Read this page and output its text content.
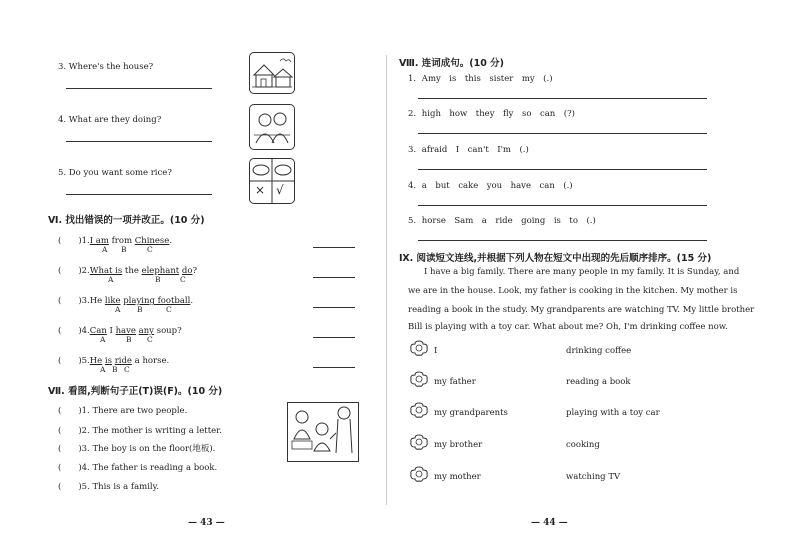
3. Where's the house?
4. What are they doing?
5. Do you want some rice?
× √
Ⅵ. 找出错误的一项并改正。(10 分)
(　　)1.I am from Chinese.
A B	C
(　　)2.What is the elephant do?
A	B	C
(　　)3.He like playing football.
A B	C
(　　)4.Can I have any soup?
A	B C
(　　)5.He is ride a horse.
A B C
Ⅶ. 看图,判断句子正(T)误(F)。(10 分)
(　　)1. There are two people.
(　　)2. The mother is writing a letter.
(　　)3. The boy is on the floor(地板).
(　　)4. The father is reading a book.
(　　)5. This is a family.
— 43 —
Ⅷ. 连词成句。(10 分)
1. Amy　is　this　sister　my　(.)
2. high　how　they　fly　so　can　(?)
3. afraid　I　can't　I'm　(.)
4. a　but　cake　you　have　can　(.)
5. horse　Sam　a　ride　going　is　to　(.)
Ⅸ. 阅读短文连线,并根据下列人物在短文中出现的先后顺序排序。(15 分)
I have a big family. There are many people in my family. It is Sunday, and
we are in the house. Look, my father is cooking in the kitchen. My mother is
reading a book in the study. My grandparents are watching TV. My little brother
Bill is playing with a toy car. What about me? Oh, I'm drinking coffee now.
I	drinking coffee
my father	reading a book
my grandparents	playing with a toy car
my brother	cooking
my mother	watching TV
— 44 —
